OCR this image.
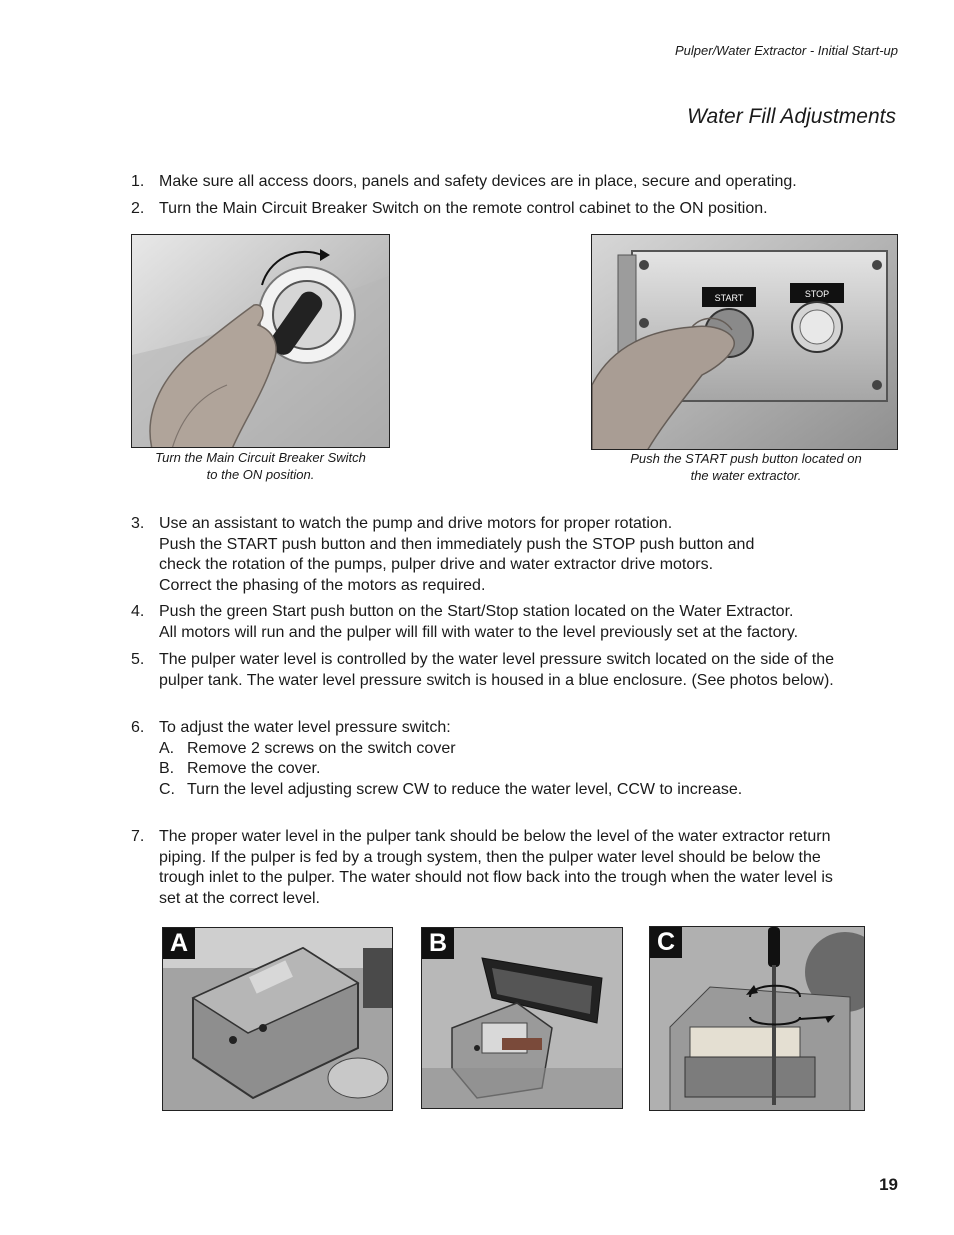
Pulper/Water Extractor - Initial Start-up
Water Fill Adjustments
1. Make sure all access doors, panels and safety devices are in place, secure and operating.
2. Turn the Main Circuit Breaker Switch on the remote control cabinet to the ON position.
Turn the Main Circuit Breaker Switch
to the ON position.
START	STOP
Push the START push button located on
the water extractor.
3. Use an assistant to watch the pump and drive motors for proper rotation.
Push the START push button and then immediately push the STOP push button and
check the rotation of the pumps, pulper drive and water extractor drive motors.
Correct the phasing of the motors as required.
4. Push the green Start push button on the Start/Stop station located on the Water Extractor.
All motors will run and the pulper will fill with water to the level previously set at the factory.
5. The pulper water level is controlled by the water level pressure switch located on the side of the
pulper tank. The water level pressure switch is housed in a blue enclosure. (See photos below).
6. To adjust the water level pressure switch:
A. Remove 2 screws on the switch cover
B. Remove the cover.
C. Turn the level adjusting screw CW to reduce the water level, CCW to increase.
7. The proper water level in the pulper tank should be below the level of the water extractor return
piping. If the pulper is fed by a trough system, then the pulper water level should be below the
trough inlet to the pulper. The water should not flow back into the trough when the water level is
set at the correct level.
A	B	C
19
